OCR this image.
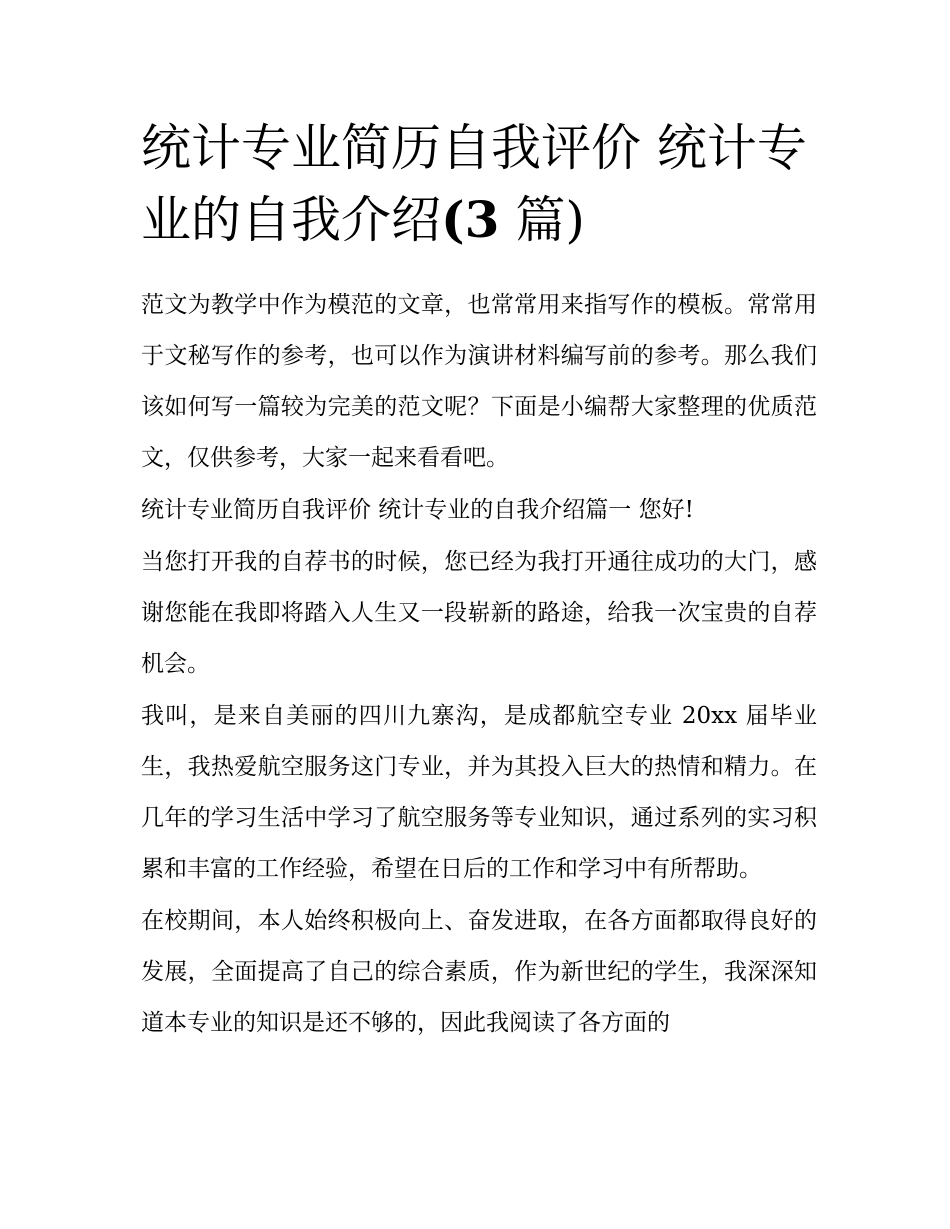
统计专业简历自我评价 统计专业的自我介绍(3 篇)

范文为教学中作为模范的文章，也常常用来指写作的模板。常常用于文秘写作的参考，也可以作为演讲材料编写前的参考。那么我们该如何写一篇较为完美的范文呢？下面是小编帮大家整理的优质范文，仅供参考，大家一起来看看吧。

统计专业简历自我评价 统计专业的自我介绍篇一 您好!

当您打开我的自荐书的时候，您已经为我打开通往成功的大门，感谢您能在我即将踏入人生又一段崭新的路途，给我一次宝贵的自荐机会。

我叫，是来自美丽的四川九寨沟，是成都航空专业 20xx 届毕业生，我热爱航空服务这门专业，并为其投入巨大的热情和精力。在几年的学习生活中学习了航空服务等专业知识，通过系列的实习积累和丰富的工作经验，希望在日后的工作和学习中有所帮助。

在校期间，本人始终积极向上、奋发进取，在各方面都取得良好的发展，全面提高了自己的综合素质，作为新世纪的学生，我深深知道本专业的知识是还不够的，因此我阅读了各方面的
